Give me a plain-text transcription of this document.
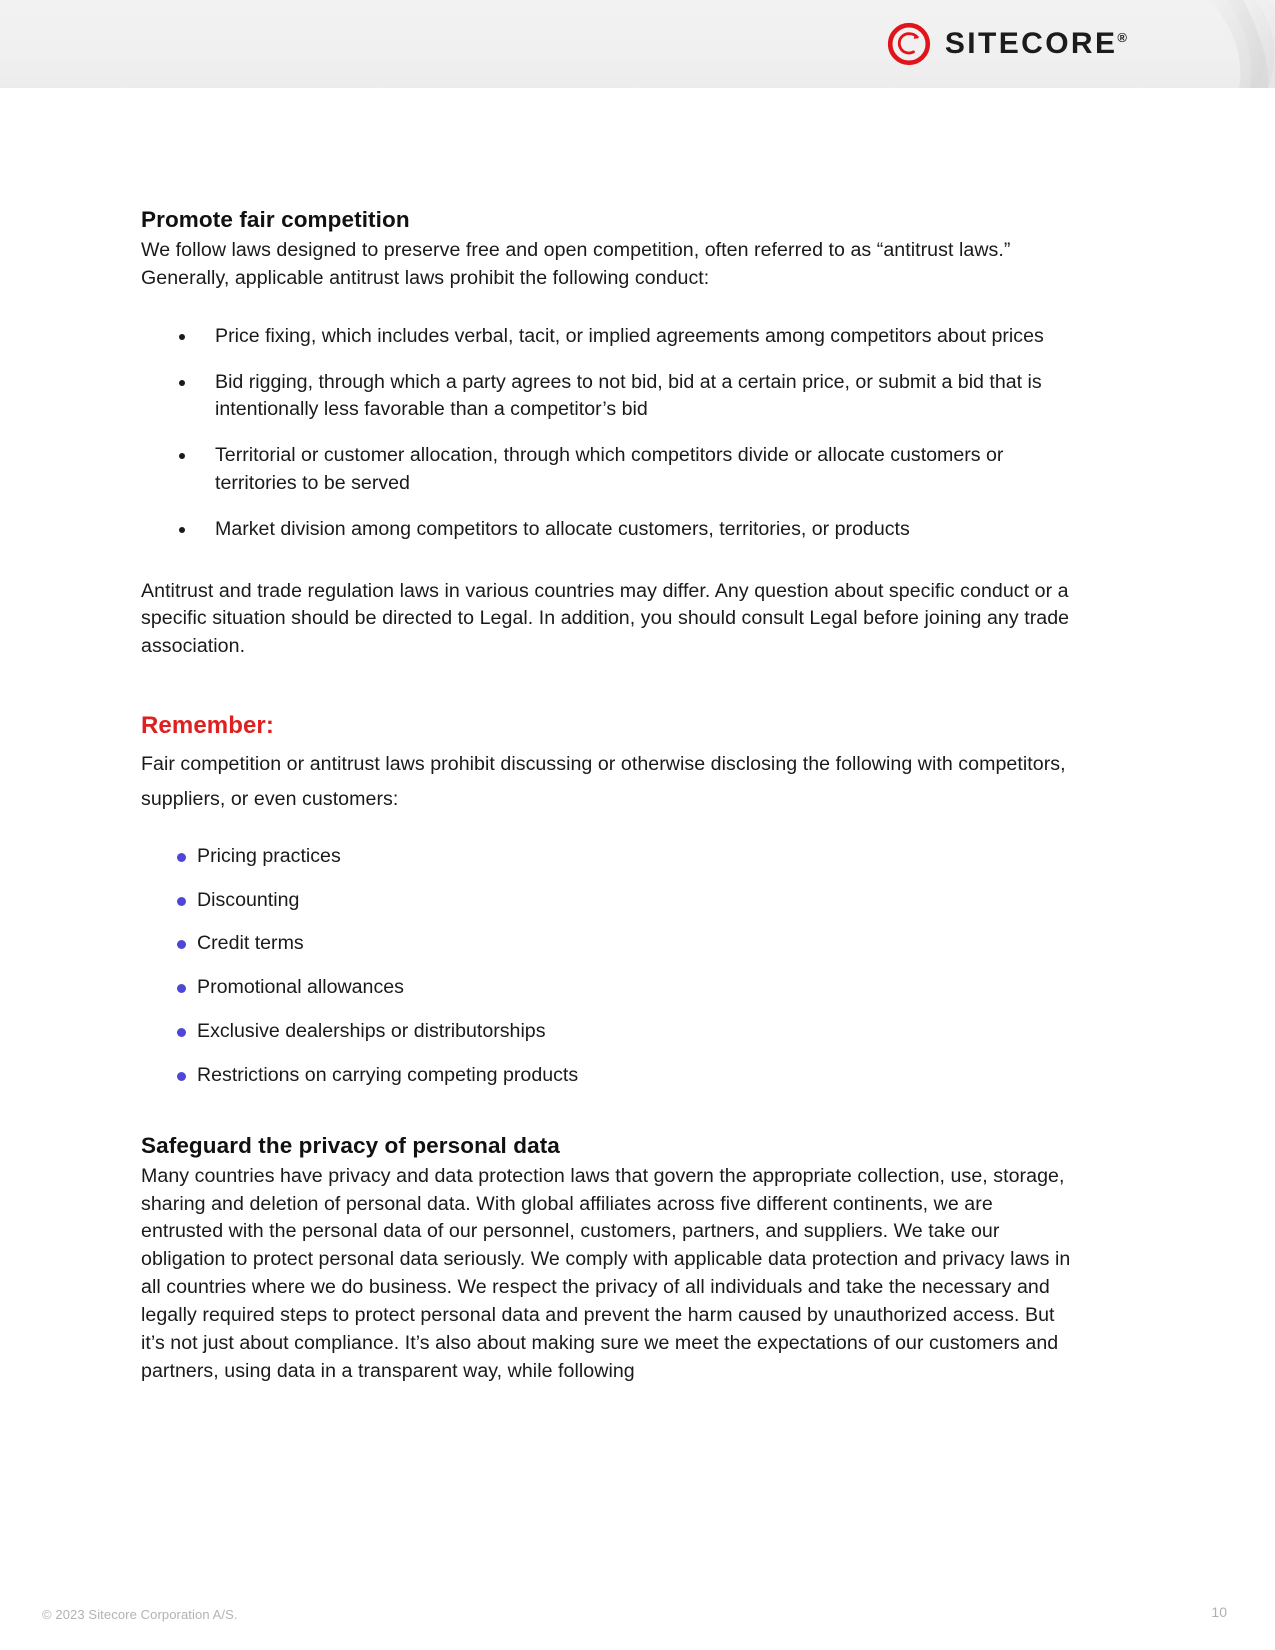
SITECORE®
Promote fair competition

We follow laws designed to preserve free and open competition, often referred to as “antitrust laws.” Generally, applicable antitrust laws prohibit the following conduct:

Price fixing, which includes verbal, tacit, or implied agreements among competitors about prices
Bid rigging, through which a party agrees to not bid, bid at a certain price, or submit a bid that is intentionally less favorable than a competitor’s bid
Territorial or customer allocation, through which competitors divide or allocate customers or territories to be served
Market division among competitors to allocate customers, territories, or products

Antitrust and trade regulation laws in various countries may differ. Any question about specific conduct or a specific situation should be directed to Legal. In addition, you should consult Legal before joining any trade association.

Remember:

Fair competition or antitrust laws prohibit discussing or otherwise disclosing the following with competitors, suppliers, or even customers:

Pricing practices
Discounting
Credit terms
Promotional allowances
Exclusive dealerships or distributorships
Restrictions on carrying competing products
Safeguard the privacy of personal data

Many countries have privacy and data protection laws that govern the appropriate collection, use, storage, sharing and deletion of personal data. With global affiliates across five different continents, we are entrusted with the personal data of our personnel, customers, partners, and suppliers. We take our obligation to protect personal data seriously. We comply with applicable data protection and privacy laws in all countries where we do business. We respect the privacy of all individuals and take the necessary and legally required steps to protect personal data and prevent the harm caused by unauthorized access. But it’s not just about compliance. It’s also about making sure we meet the expectations of our customers and partners, using data in a transparent way, while following

© 2023 Sitecore Corporation A/S.	10
